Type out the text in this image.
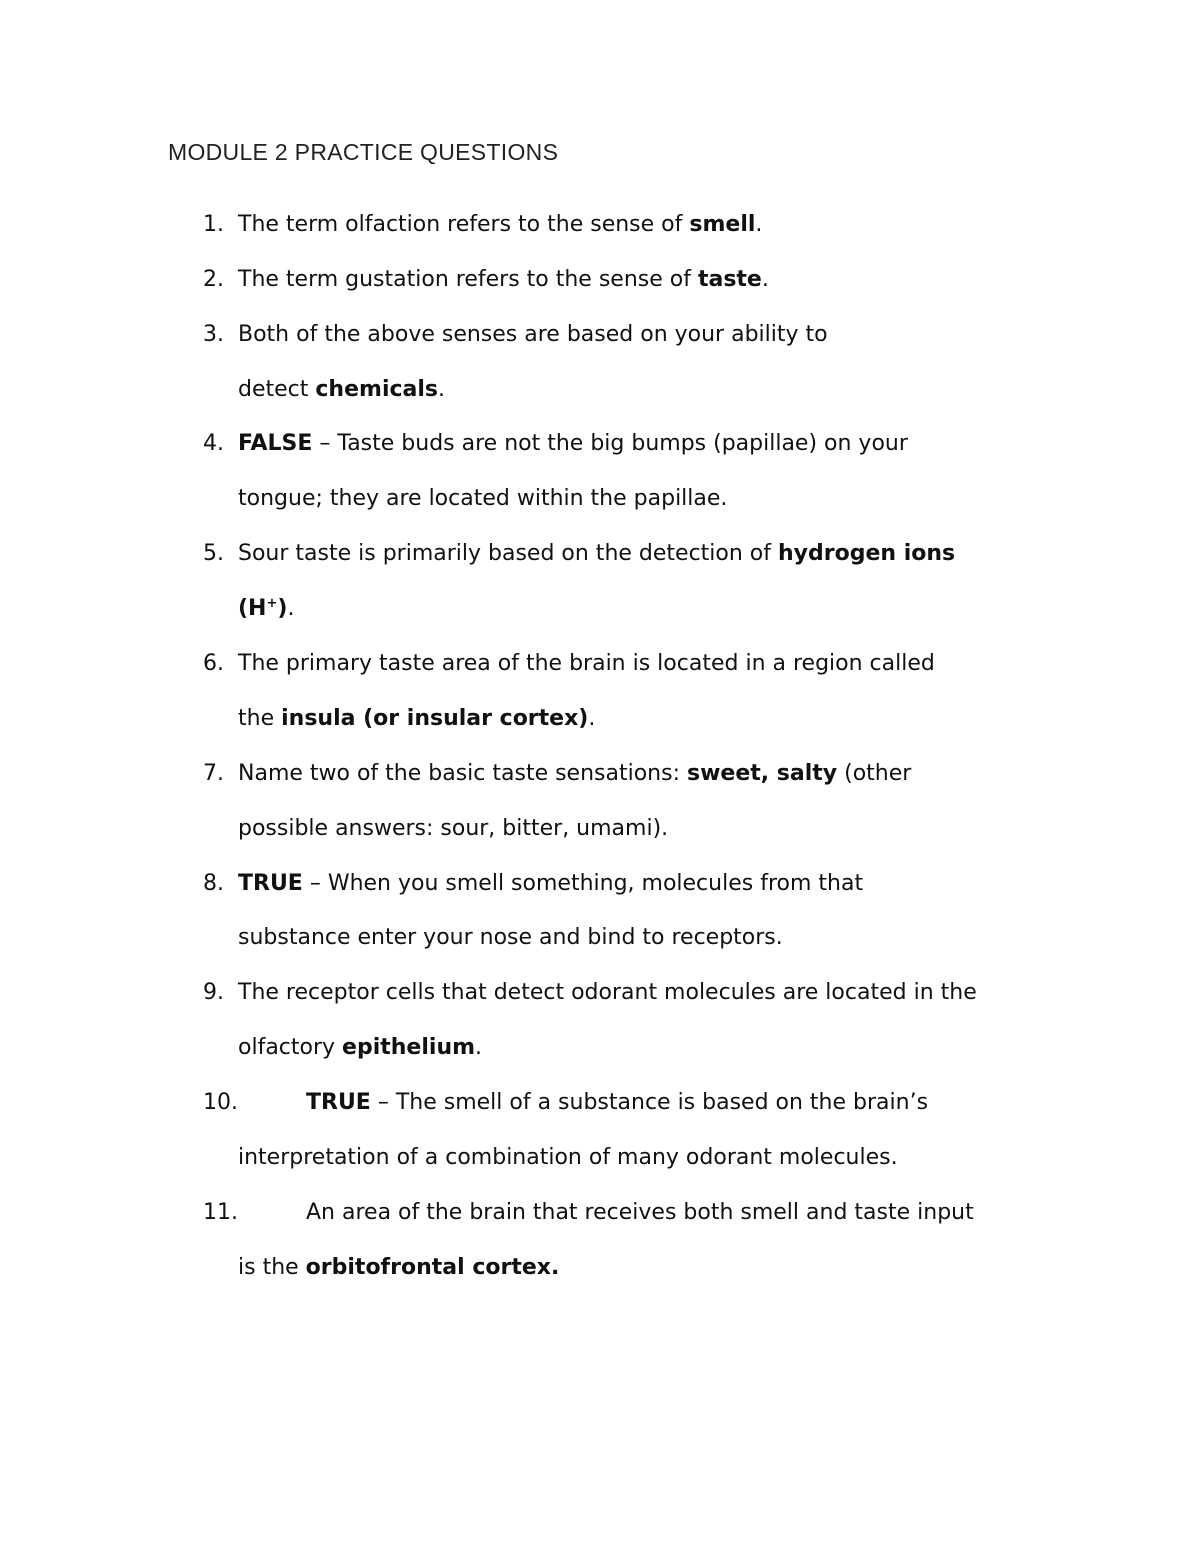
MODULE 2 PRACTICE QUESTIONS
1. The term olfaction refers to the sense of smell.
2. The term gustation refers to the sense of taste.
3. Both of the above senses are based on your ability to
detect chemicals.
4. FALSE – Taste buds are not the big bumps (papillae) on your
tongue; they are located within the papillae.
5. Sour taste is primarily based on the detection of hydrogen ions
(H+).
6. The primary taste area of the brain is located in a region called
the insula (or insular cortex).
7. Name two of the basic taste sensations: sweet, salty (other
possible answers: sour, bitter, umami).
8. TRUE – When you smell something, molecules from that
substance enter your nose and bind to receptors.
9. The receptor cells that detect odorant molecules are located in the
olfactory epithelium.
10.	TRUE – The smell of a substance is based on the brain’s
interpretation of a combination of many odorant molecules.
11.	An area of the brain that receives both smell and taste input
is the orbitofrontal cortex.
